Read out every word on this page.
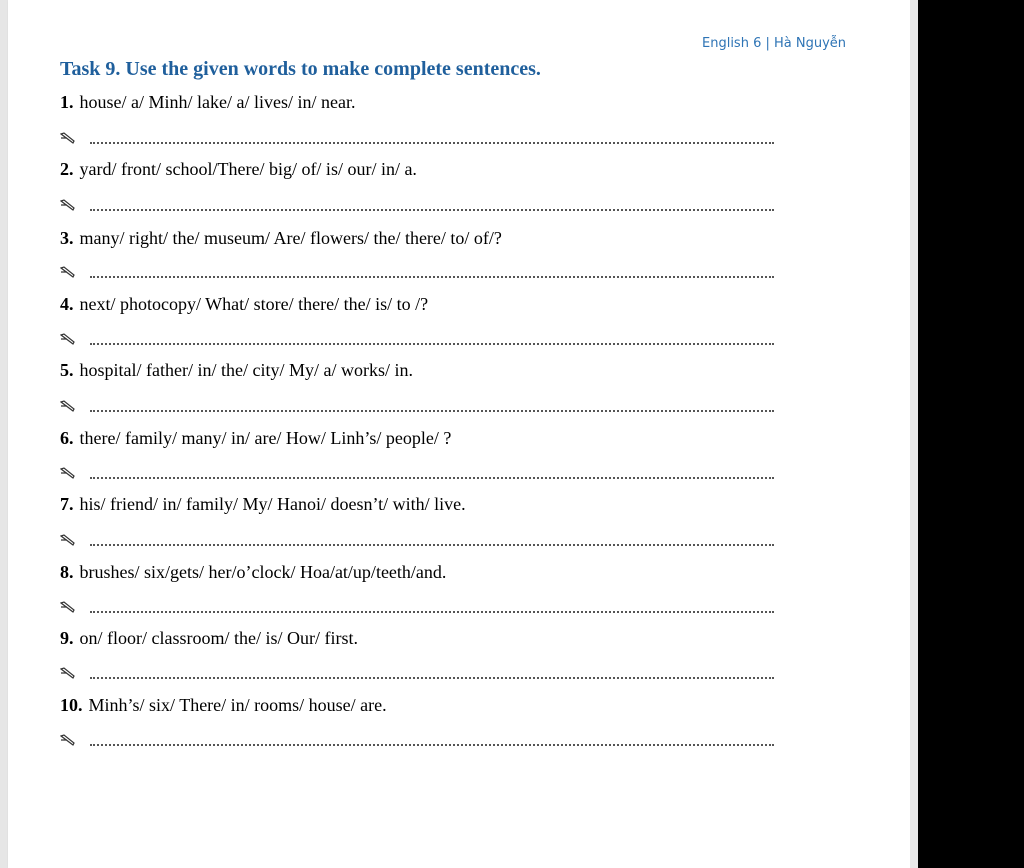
English 6 | Hà Nguyễn
Task 9. Use the given words to make complete sentences.
1. house/ a/ Minh/ lake/ a/ lives/ in/ near.
2. yard/ front/ school/There/ big/ of/ is/ our/ in/ a.
3. many/ right/ the/ museum/ Are/ flowers/ the/ there/ to/ of/?
4. next/ photocopy/ What/ store/ there/ the/ is/ to /?
5. hospital/ father/ in/ the/ city/ My/ a/ works/ in.
6. there/ family/ many/ in/ are/ How/ Linh’s/ people/ ?
7. his/ friend/ in/ family/ My/ Hanoi/ doesn’t/ with/ live.
8. brushes/ six/gets/ her/o’clock/ Hoa/at/up/teeth/and.
9. on/ floor/ classroom/ the/ is/ Our/ first.
10. Minh’s/ six/ There/ in/ rooms/ house/ are.
